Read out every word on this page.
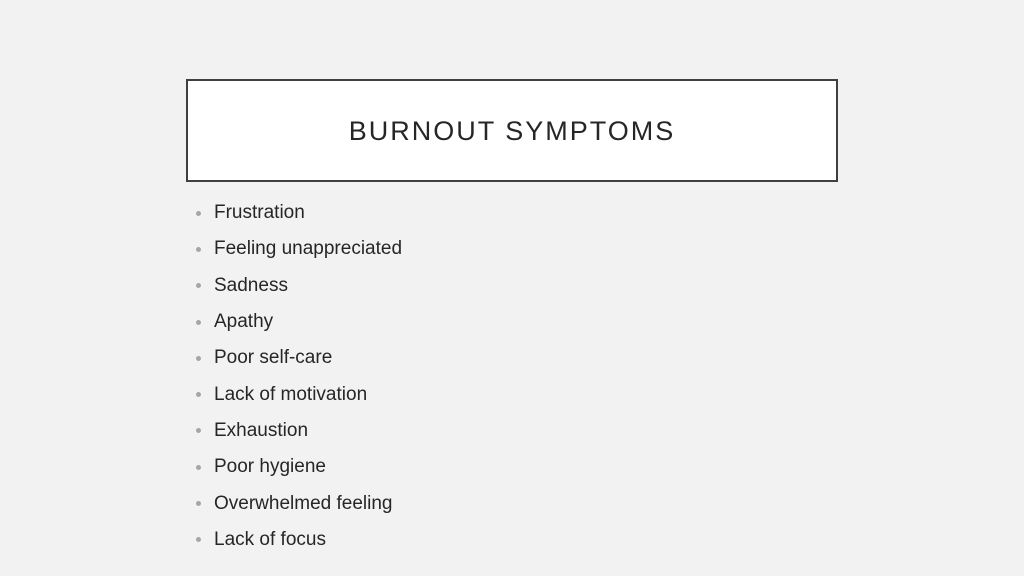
BURNOUT SYMPTOMS
Frustration
Feeling unappreciated
Sadness
Apathy
Poor self-care
Lack of motivation
Exhaustion
Poor hygiene
Overwhelmed feeling
Lack of focus
